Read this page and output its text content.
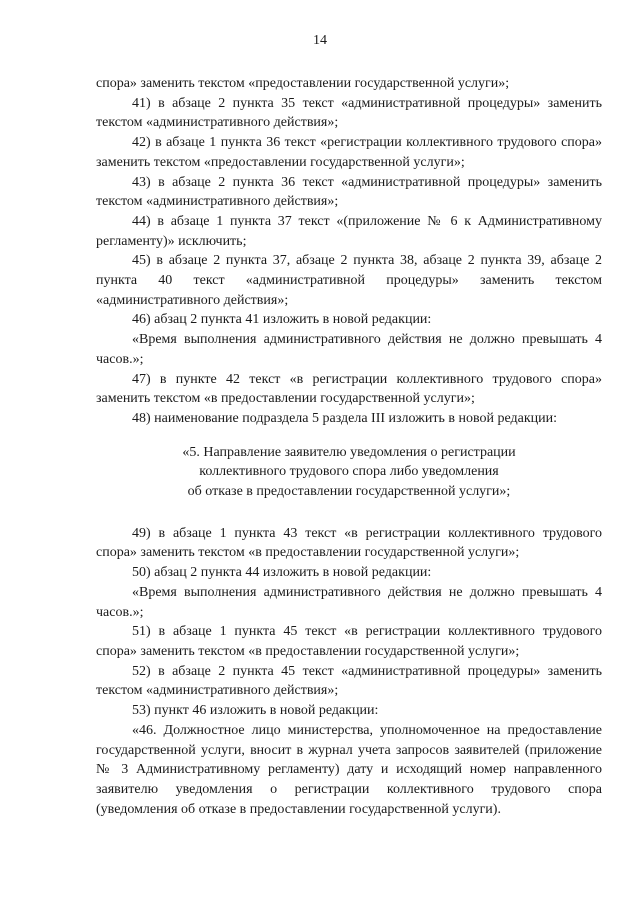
14

спора» заменить текстом «предоставлении государственной услуги»;

41) в абзаце 2 пункта 35 текст «административной процедуры» заменить текстом «административного действия»;

42) в абзаце 1 пункта 36 текст «регистрации коллективного трудового спора» заменить текстом «предоставлении государственной услуги»;

43) в абзаце 2 пункта 36 текст «административной процедуры» заменить текстом «административного действия»;

44) в абзаце 1 пункта 37 текст «(приложение № 6 к Административному регламенту)» исключить;

45) в абзаце 2 пункта 37, абзаце 2 пункта 38, абзаце 2 пункта 39, абзаце 2 пункта 40 текст «административной процедуры» заменить текстом «административного действия»;

46) абзац 2 пункта 41 изложить в новой редакции:

«Время выполнения административного действия не должно превышать 4 часов.»;

47) в пункте 42 текст «в регистрации коллективного трудового спора» заменить текстом «в предоставлении государственной услуги»;

48) наименование подраздела 5 раздела III изложить в новой редакции:

«5. Направление заявителю уведомления о регистрации
коллективного трудового спора либо уведомления
об отказе в предоставлении государственной услуги»;

49) в абзаце 1 пункта 43 текст «в регистрации коллективного трудового спора» заменить текстом «в предоставлении государственной услуги»;

50) абзац 2 пункта 44 изложить в новой редакции:

«Время выполнения административного действия не должно превышать 4 часов.»;

51) в абзаце 1 пункта 45 текст «в регистрации коллективного трудового спора» заменить текстом «в предоставлении государственной услуги»;

52) в абзаце 2 пункта 45 текст «административной процедуры» заменить текстом «административного действия»;

53) пункт 46 изложить в новой редакции:

«46. Должностное лицо министерства, уполномоченное на предоставление государственной услуги, вносит в журнал учета запросов заявителей (приложение № 3 Административному регламенту) дату и исходящий номер направленного заявителю уведомления о регистрации коллективного трудового спора (уведомления об отказе в предоставлении государственной услуги).
